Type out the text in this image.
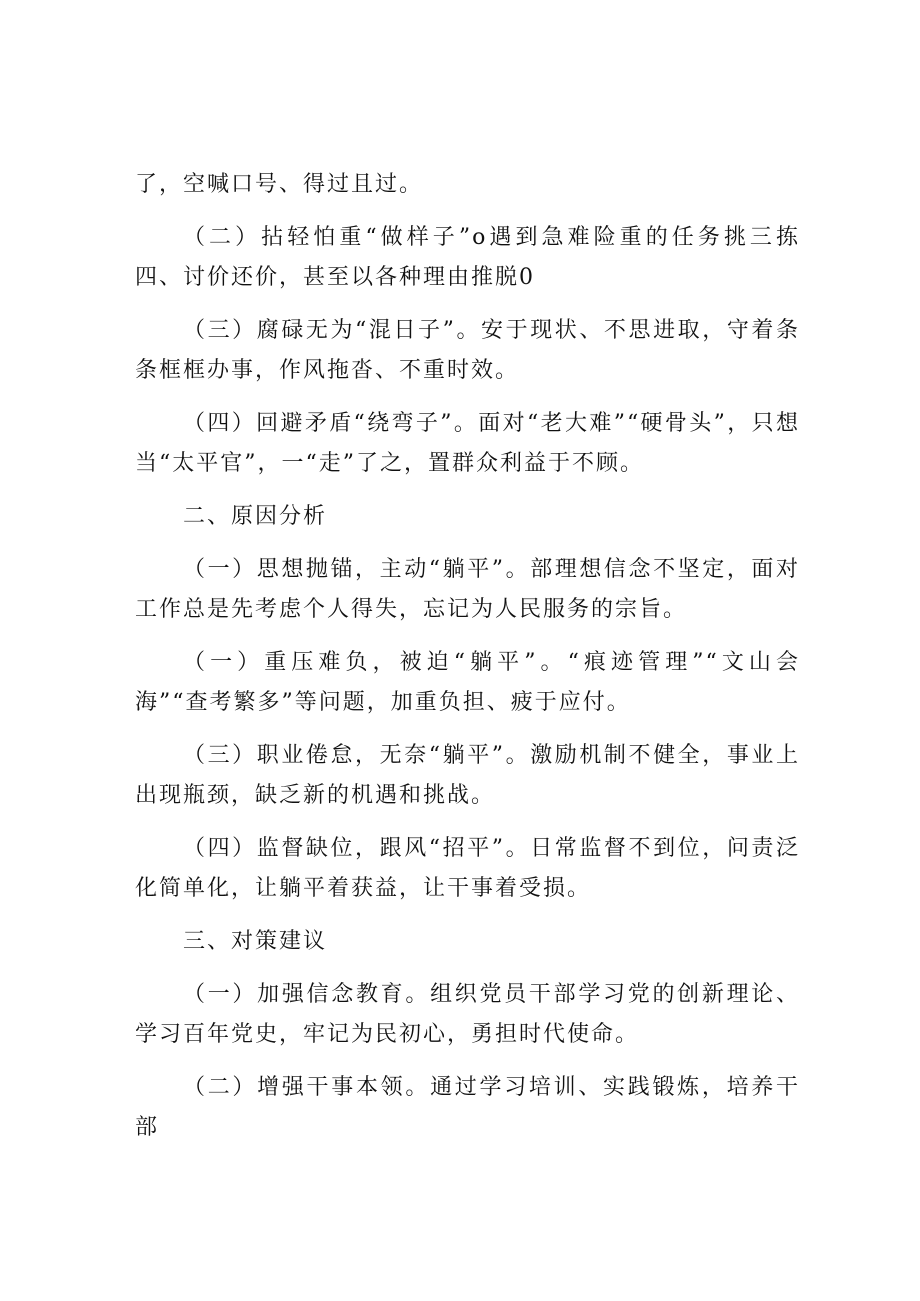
了，空喊口号、得过且过。

（二）拈轻怕重“做样子”o遇到急难险重的任务挑三拣四、讨价还价，甚至以各种理由推脱0

（三）腐碌无为“混日子”。安于现状、不思进取，守着条条框框办事，作风拖沓、不重时效。

（四）回避矛盾“绕弯子”。面对“老大难”“硬骨头”，只想当“太平官”，一“走”了之，置群众利益于不顾。

二、原因分析

（一）思想抛锚，主动“躺平”。部理想信念不坚定，面对工作总是先考虑个人得失，忘记为人民服务的宗旨。

（一）重压难负，被迫“躺平”。“痕迹管理”“文山会海”“查考繁多”等问题，加重负担、疲于应付。

（三）职业倦怠，无奈“躺平”。激励机制不健全，事业上出现瓶颈，缺乏新的机遇和挑战。

（四）监督缺位，跟风“招平”。日常监督不到位，问责泛化简单化，让躺平着获益，让干事着受损。

三、对策建议

（一）加强信念教育。组织党员干部学习党的创新理论、学习百年党史，牢记为民初心，勇担时代使命。

（二）增强干事本领。通过学习培训、实践锻炼，培养干部
